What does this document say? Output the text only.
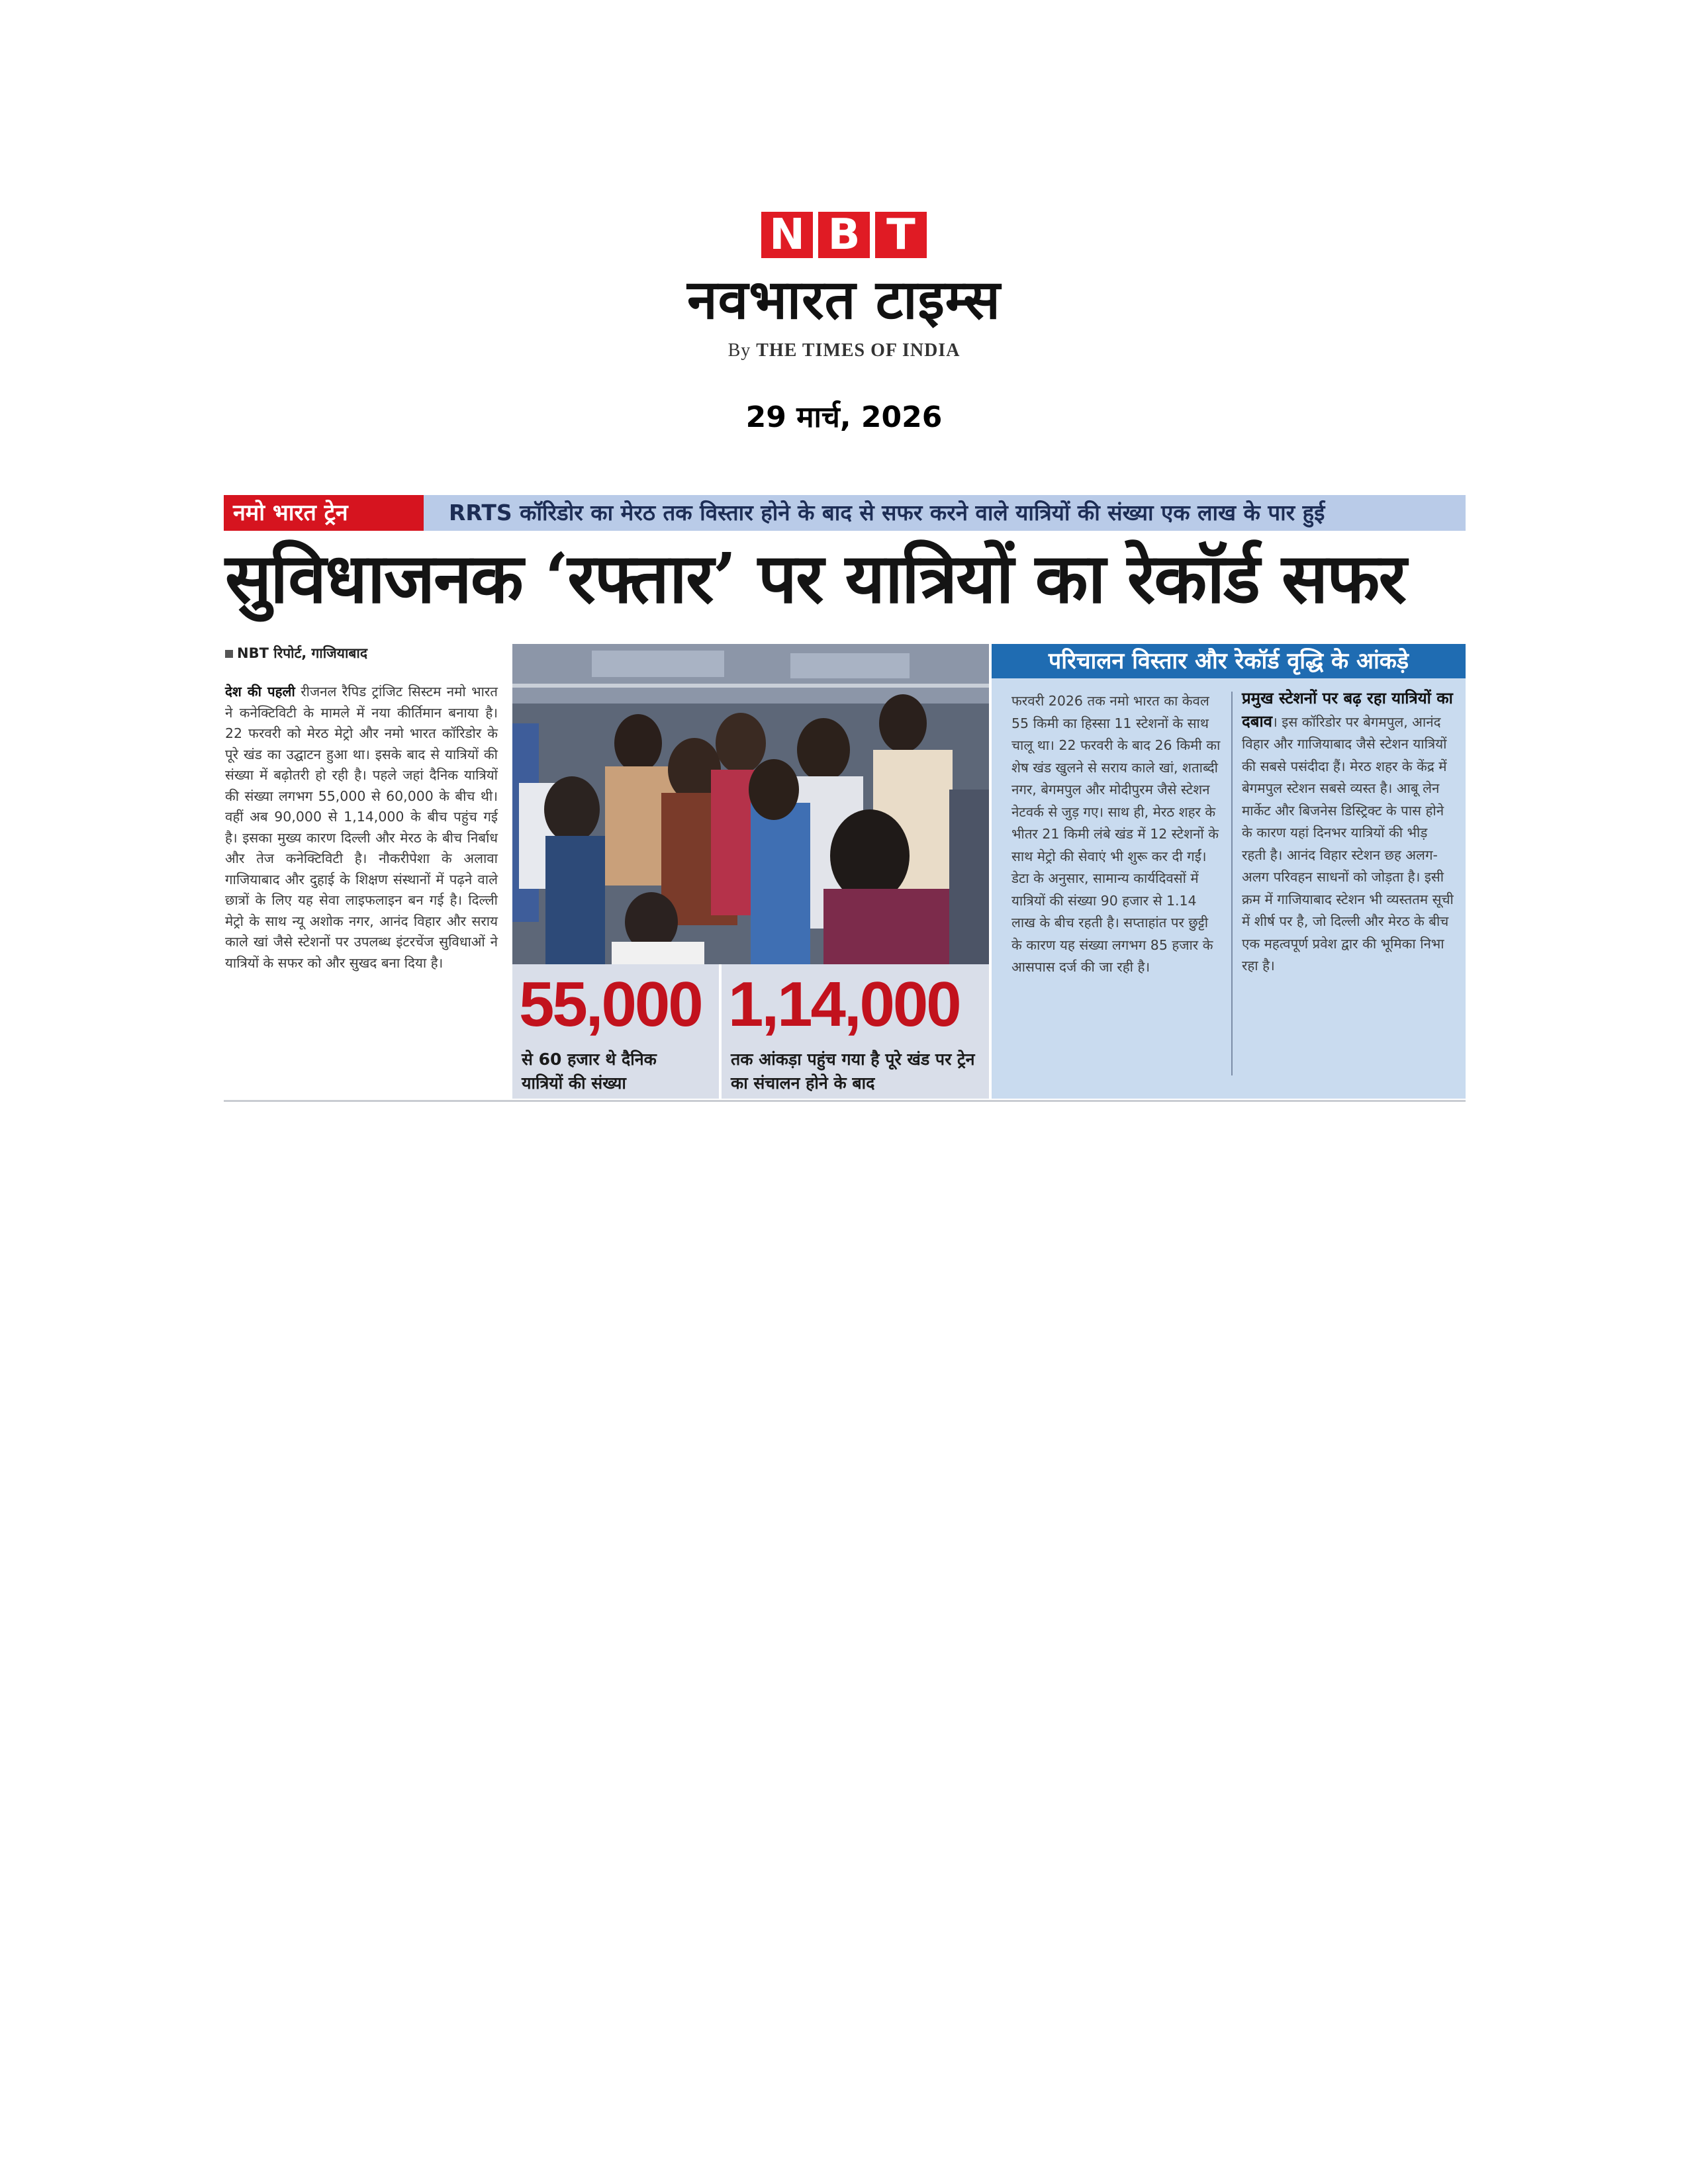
N B T
नवभारत टाइम्स
By THE TIMES OF INDIA
29 मार्च, 2026
नमो भारत ट्रेन	RRTS कॉरिडोर का मेरठ तक विस्तार होने के बाद से सफर करने वाले यात्रियों की संख्या एक लाख के पार हुई
सुविधाजनक ‘रफ्तार’ पर यात्रियों का रेकॉर्ड सफर
NBT रिपोर्ट, गाजियाबाद
देश की पहली रीजनल रैपिड ट्रांजिट सिस्टम नमो भारत ने कनेक्टिविटी के मामले में नया कीर्तिमान बनाया है। 22 फरवरी को मेरठ मेट्रो और नमो भारत कॉरिडोर के पूरे खंड का उद्घाटन हुआ था। इसके बाद से यात्रियों की संख्या में बढ़ोतरी हो रही है। पहले जहां दैनिक यात्रियों की संख्या लगभग 55,000 से 60,000 के बीच थी। वहीं अब 90,000 से 1,14,000 के बीच पहुंच गई है। इसका मुख्य कारण दिल्ली और मेरठ के बीच निर्बाध और तेज कनेक्टिविटी है। नौकरीपेशा के अलावा गाजियाबाद और दुहाई के शिक्षण संस्थानों में पढ़ने वाले छात्रों के लिए यह सेवा लाइफलाइन बन गई है। दिल्ली मेट्रो के साथ न्यू अशोक नगर, आनंद विहार और सराय काले खां जैसे स्टेशनों पर उपलब्ध इंटरचेंज सुविधाओं ने यात्रियों के सफर को और सुखद बना दिया है।
55,000
से 60 हजार थे दैनिक यात्रियों की संख्या
1,14,000
तक आंकड़ा पहुंच गया है पूरे खंड पर ट्रेन का संचालन होने के बाद
परिचालन विस्तार और रेकॉर्ड वृद्धि के आंकड़े
फरवरी 2026 तक नमो भारत का केवल 55 किमी का हिस्सा 11 स्टेशनों के साथ चालू था। 22 फरवरी के बाद 26 किमी का शेष खंड खुलने से सराय काले खां, शताब्दी नगर, बेगमपुल और मोदीपुरम जैसे स्टेशन नेटवर्क से जुड़ गए। साथ ही, मेरठ शहर के भीतर 21 किमी लंबे खंड में 12 स्टेशनों के साथ मेट्रो की सेवाएं भी शुरू कर दी गईं। डेटा के अनुसार, सामान्य कार्यदिवसों में यात्रियों की संख्या 90 हजार से 1.14 लाख के बीच रहती है। सप्ताहांत पर छुट्टी के कारण यह संख्या लगभग 85 हजार के आसपास दर्ज की जा रही है।
प्रमुख स्टेशनों पर बढ़ रहा यात्रियों का दबाव। इस कॉरिडोर पर बेगमपुल, आनंद विहार और गाजियाबाद जैसे स्टेशन यात्रियों की सबसे पसंदीदा हैं। मेरठ शहर के केंद्र में बेगमपुल स्टेशन सबसे व्यस्त है। आबू लेन मार्केट और बिजनेस डिस्ट्रिक्ट के पास होने के कारण यहां दिनभर यात्रियों की भीड़ रहती है। आनंद विहार स्टेशन छह अलग-अलग परिवहन साधनों को जोड़ता है। इसी क्रम में गाजियाबाद स्टेशन भी व्यस्ततम सूची में शीर्ष पर है, जो दिल्ली और मेरठ के बीच एक महत्वपूर्ण प्रवेश द्वार की भूमिका निभा रहा है।
